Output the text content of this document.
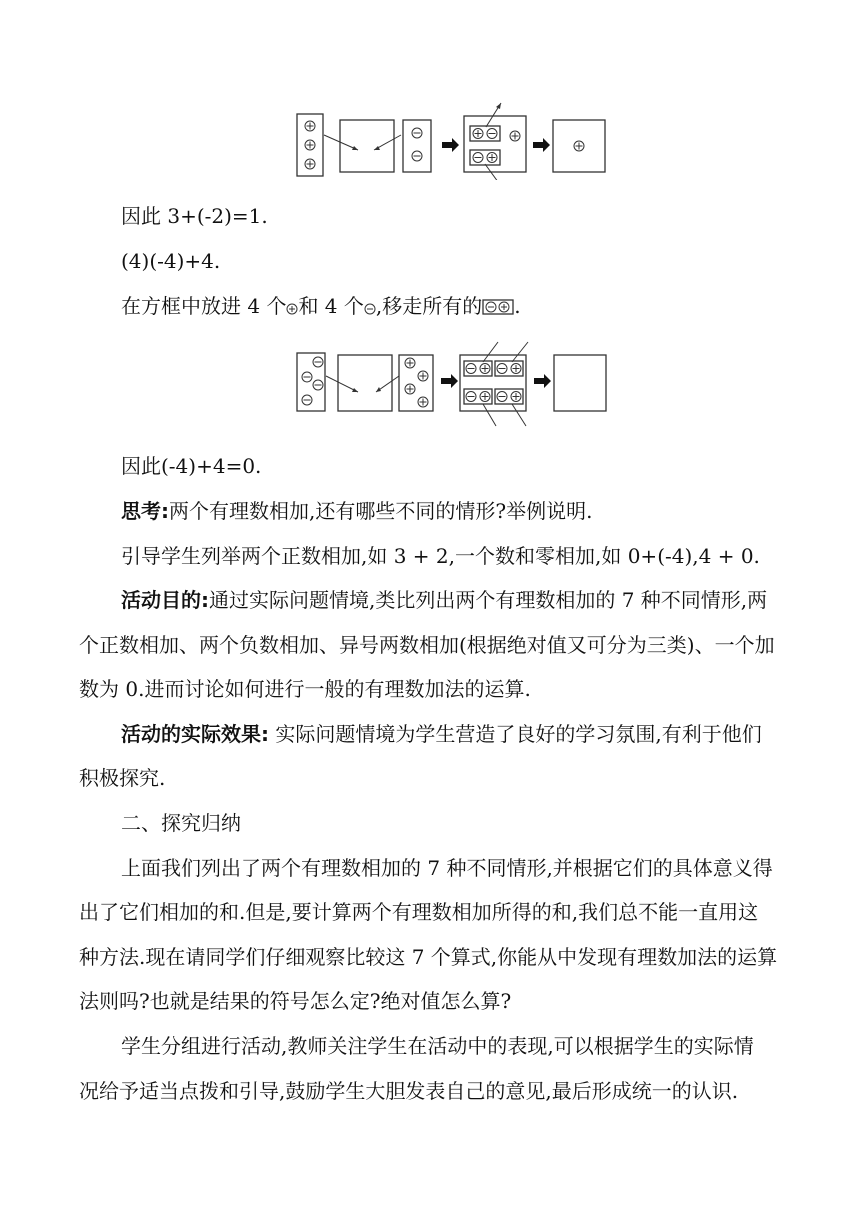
因此 3+(-2)=1.
(4)(-4)+4.
在方框中放进 4 个 和 4 个 ,移走所有的 .
因此(-4)+4=0.
思考:两个有理数相加,还有哪些不同的情形?举例说明.
引导学生列举两个正数相加,如 3 + 2,一个数和零相加,如 0+(-4),4 + 0.
活动目的:通过实际问题情境,类比列出两个有理数相加的 7 种不同情形,两
个正数相加、两个负数相加、异号两数相加(根据绝对值又可分为三类)、一个加
数为 0.进而讨论如何进行一般的有理数加法的运算.
活动的实际效果: 实际问题情境为学生营造了良好的学习氛围,有利于他们
积极探究.
二、探究归纳
上面我们列出了两个有理数相加的 7 种不同情形,并根据它们的具体意义得
出了它们相加的和.但是,要计算两个有理数相加所得的和,我们总不能一直用这
种方法.现在请同学们仔细观察比较这 7 个算式,你能从中发现有理数加法的运算
法则吗?也就是结果的符号怎么定?绝对值怎么算?
学生分组进行活动,教师关注学生在活动中的表现,可以根据学生的实际情
况给予适当点拨和引导,鼓励学生大胆发表自己的意见,最后形成统一的认识.
